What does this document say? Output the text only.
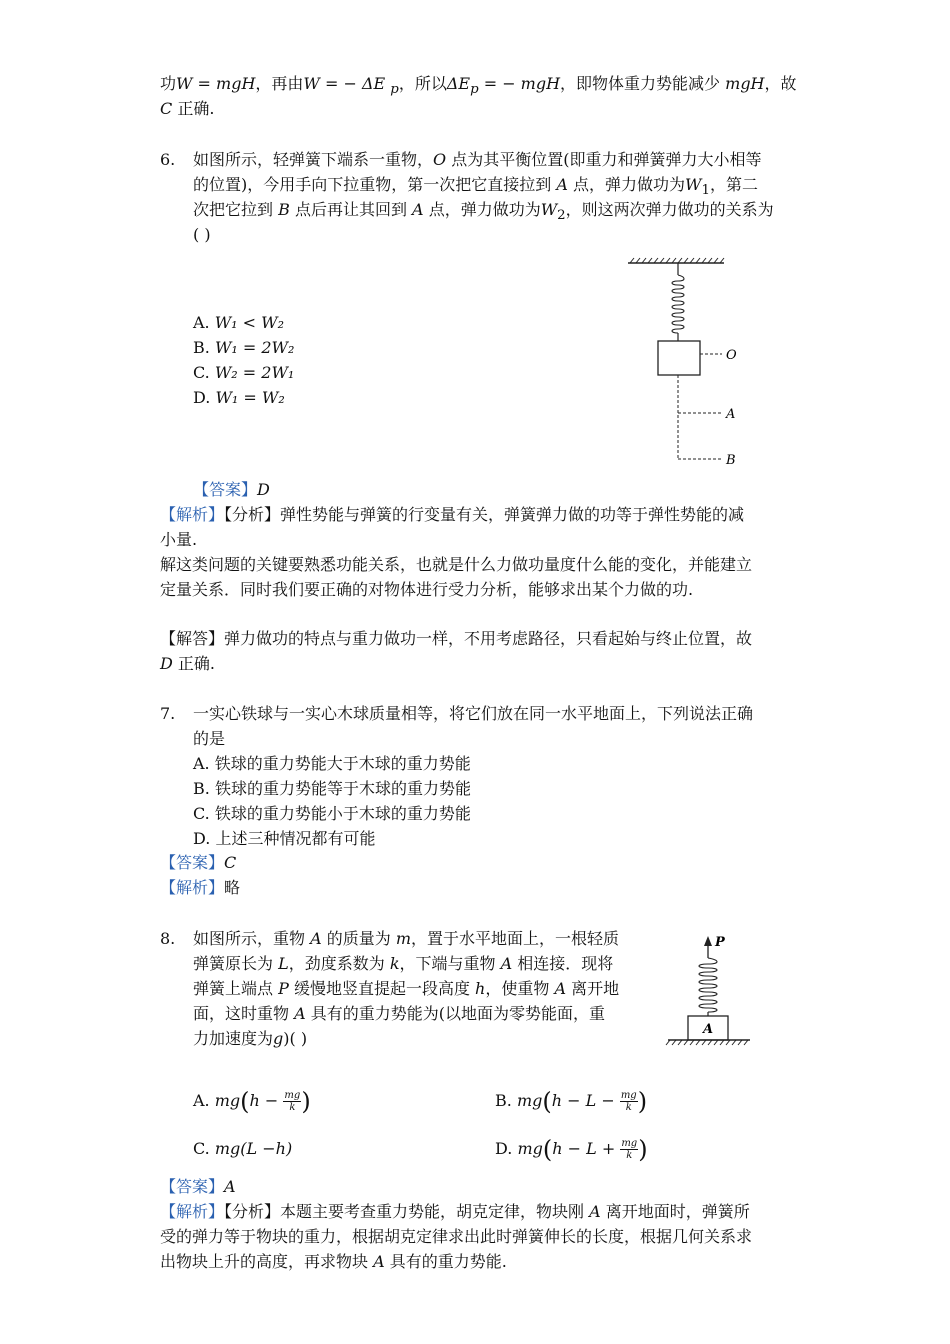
功W = mgH，再由W = − ΔE $_p$，所以$\Delta E_p$ = − mgH，即物体重力势能减少 mgH，故
C 正确.
6. 如图所示，轻弹簧下端系一重物，O 点为其平衡位置(即重力和弹簧弹力大小相等
的位置)，今用手向下拉重物，第一次把它直接拉到 A 点，弹力做功为$W_1$，第二
次把它拉到 B 点后再让其回到 A 点，弹力做功为$W_2$，则这两次弹力做功的关系为
( )
A. W₁ < W₂
B. W₁ = 2W₂
C. W₂ = 2W₁
D. W₁ = W₂
O
A
B
【答案】D
【解析】【分析】弹性势能与弹簧的行变量有关，弹簧弹力做的功等于弹性势能的减
小量.
解这类问题的关键要熟悉功能关系，也就是什么力做功量度什么能的变化，并能建立
定量关系．同时我们要正确的对物体进行受力分析，能够求出某个力做的功.
【解答】弹力做功的特点与重力做功一样，不用考虑路径，只看起始与终止位置，故
D 正确.
7. 一实心铁球与一实心木球质量相等，将它们放在同一水平地面上，下列说法正确
的是
A. 铁球的重力势能大于木球的重力势能
B. 铁球的重力势能等于木球的重力势能
C. 铁球的重力势能小于木球的重力势能
D. 上述三种情况都有可能
【答案】C
【解析】略
8. 如图所示，重物 A 的质量为 m，置于水平地面上，一根轻质
弹簧原长为 L，劲度系数为 k，下端与重物 A 相连接．现将
弹簧上端点 P 缓慢地竖直提起一段高度 h，使重物 A 离开地
面，这时重物 A 具有的重力势能为(以地面为零势能面，重
力加速度为g)( )
P
A
A. $mg(h - \frac{mg}{k}$ )	B. $mg(h - L - \frac{mg}{k}$ )
C. mg(L −h)	D. $mg(h - L + \frac{mg}{k}$ )
【答案】A
【解析】【分析】本题主要考查重力势能，胡克定律，物块刚 A 离开地面时，弹簧所
受的弹力等于物块的重力，根据胡克定律求出此时弹簧伸长的长度，根据几何关系求
出物块上升的高度，再求物块 A 具有的重力势能.
